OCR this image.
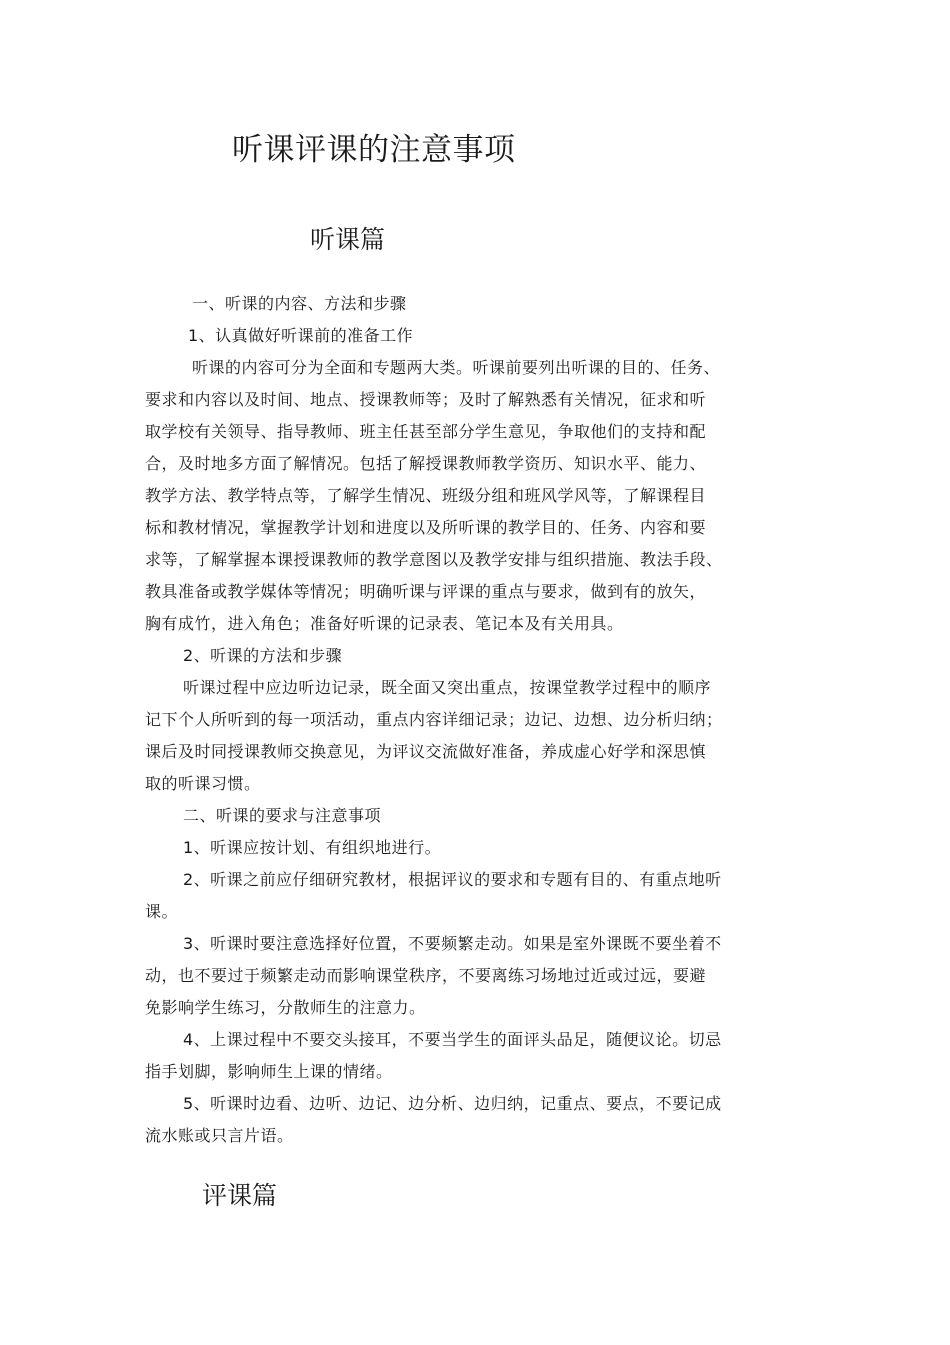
听课评课的注意事项
听课篇
一、听课的内容、方法和步骤
1、认真做好听课前的准备工作
听课的内容可分为全面和专题两大类。听课前要列出听课的目的、任务、
要求和内容以及时间、地点、授课教师等；及时了解熟悉有关情况，征求和听
取学校有关领导、指导教师、班主任甚至部分学生意见，争取他们的支持和配
合，及时地多方面了解情况。包括了解授课教师教学资历、知识水平、能力、
教学方法、教学特点等，了解学生情况、班级分组和班风学风等，了解课程目
标和教材情况，掌握教学计划和进度以及所听课的教学目的、任务、内容和要
求等，了解掌握本课授课教师的教学意图以及教学安排与组织措施、教法手段、
教具准备或教学媒体等情况；明确听课与评课的重点与要求，做到有的放矢，
胸有成竹，进入角色；准备好听课的记录表、笔记本及有关用具。
2、听课的方法和步骤
听课过程中应边听边记录，既全面又突出重点，按课堂教学过程中的顺序
记下个人所听到的每一项活动，重点内容详细记录；边记、边想、边分析归纳；
课后及时同授课教师交换意见，为评议交流做好准备，养成虚心好学和深思慎
取的听课习惯。
二、听课的要求与注意事项
1、听课应按计划、有组织地进行。
2、听课之前应仔细研究教材，根据评议的要求和专题有目的、有重点地听
课。
3、听课时要注意选择好位置，不要频繁走动。如果是室外课既不要坐着不
动，也不要过于频繁走动而影响课堂秩序，不要离练习场地过近或过远，要避
免影响学生练习，分散师生的注意力。
4、上课过程中不要交头接耳，不要当学生的面评头品足，随便议论。切忌
指手划脚，影响师生上课的情绪。
5、听课时边看、边听、边记、边分析、边归纳，记重点、要点，不要记成
流水账或只言片语。
评课篇
